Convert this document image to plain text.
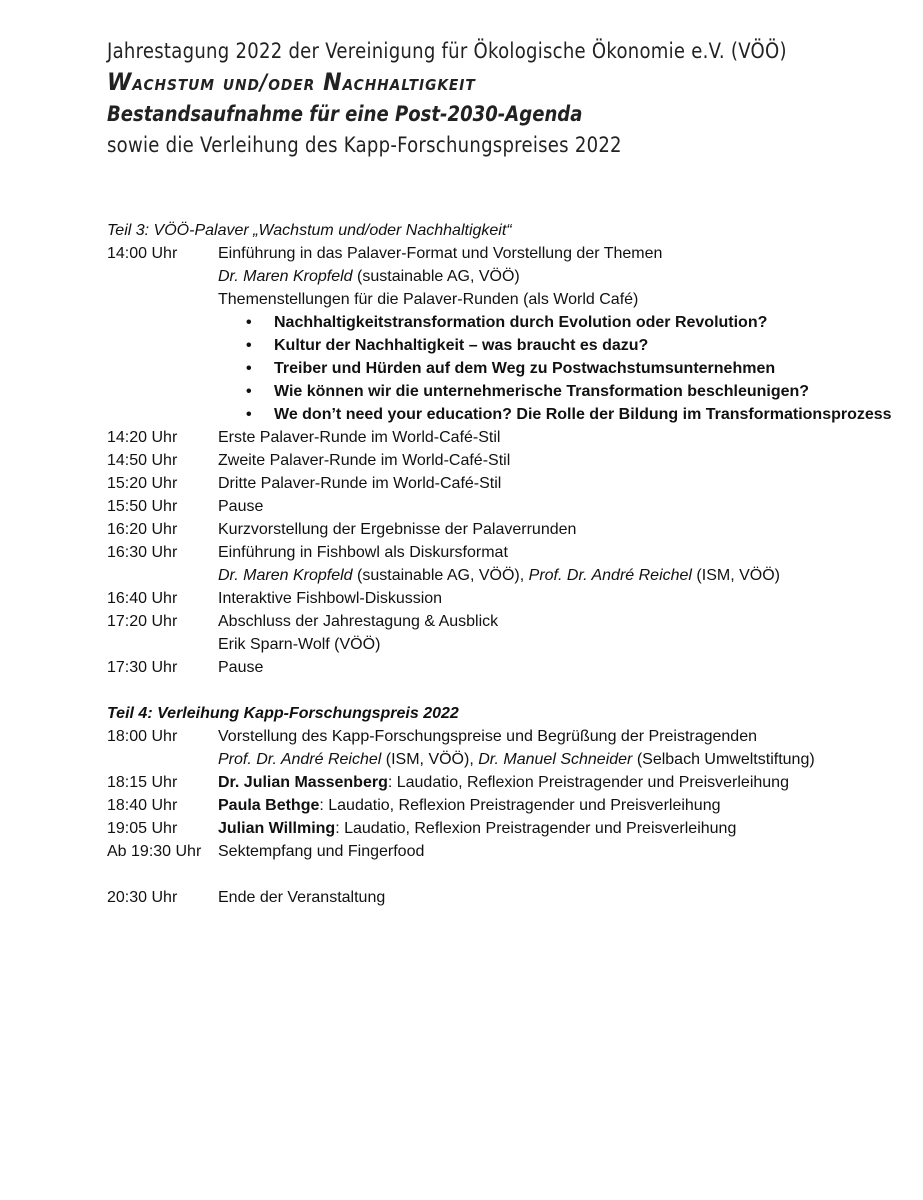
Jahrestagung 2022 der Vereinigung für Ökologische Ökonomie e.V. (VÖÖ)
Wachstum und/oder Nachhaltigkeit
Bestandsaufnahme für eine Post-2030-Agenda
sowie die Verleihung des Kapp-Forschungspreises 2022
Teil 3: VÖÖ-Palaver „Wachstum und/oder Nachhaltigkeit“
14:00 Uhr	Einführung in das Palaver-Format und Vorstellung der Themen
Dr. Maren Kropfeld (sustainable AG, VÖÖ)
Themenstellungen für die Palaver-Runden (als World Café)
• Nachhaltigkeitstransformation durch Evolution oder Revolution?
• Kultur der Nachhaltigkeit – was braucht es dazu?
• Treiber und Hürden auf dem Weg zu Postwachstumsunternehmen
• Wie können wir die unternehmerische Transformation beschleunigen?
• We don’t need your education? Die Rolle der Bildung im Transformationsprozess
14:20 Uhr	Erste Palaver-Runde im World-Café-Stil
14:50 Uhr	Zweite Palaver-Runde im World-Café-Stil
15:20 Uhr	Dritte Palaver-Runde im World-Café-Stil
15:50 Uhr	Pause
16:20 Uhr	Kurzvorstellung der Ergebnisse der Palaverrunden
16:30 Uhr	Einführung in Fishbowl als Diskursformat
Dr. Maren Kropfeld (sustainable AG, VÖÖ), Prof. Dr. André Reichel (ISM, VÖÖ)
16:40 Uhr	Interaktive Fishbowl-Diskussion
17:20 Uhr	Abschluss der Jahrestagung & Ausblick
Erik Sparn-Wolf (VÖÖ)
17:30 Uhr	Pause
Teil 4: Verleihung Kapp-Forschungspreis 2022
18:00 Uhr	Vorstellung des Kapp-Forschungspreise und Begrüßung der Preistragenden
Prof. Dr. André Reichel (ISM, VÖÖ), Dr. Manuel Schneider (Selbach Umweltstiftung)
18:15 Uhr	Dr. Julian Massenberg: Laudatio, Reflexion Preistragender und Preisverleihung
18:40 Uhr	Paula Bethge: Laudatio, Reflexion Preistragender und Preisverleihung
19:05 Uhr	Julian Willming: Laudatio, Reflexion Preistragender und Preisverleihung
Ab 19:30 Uhr	Sektempfang und Fingerfood
20:30 Uhr	Ende der Veranstaltung
